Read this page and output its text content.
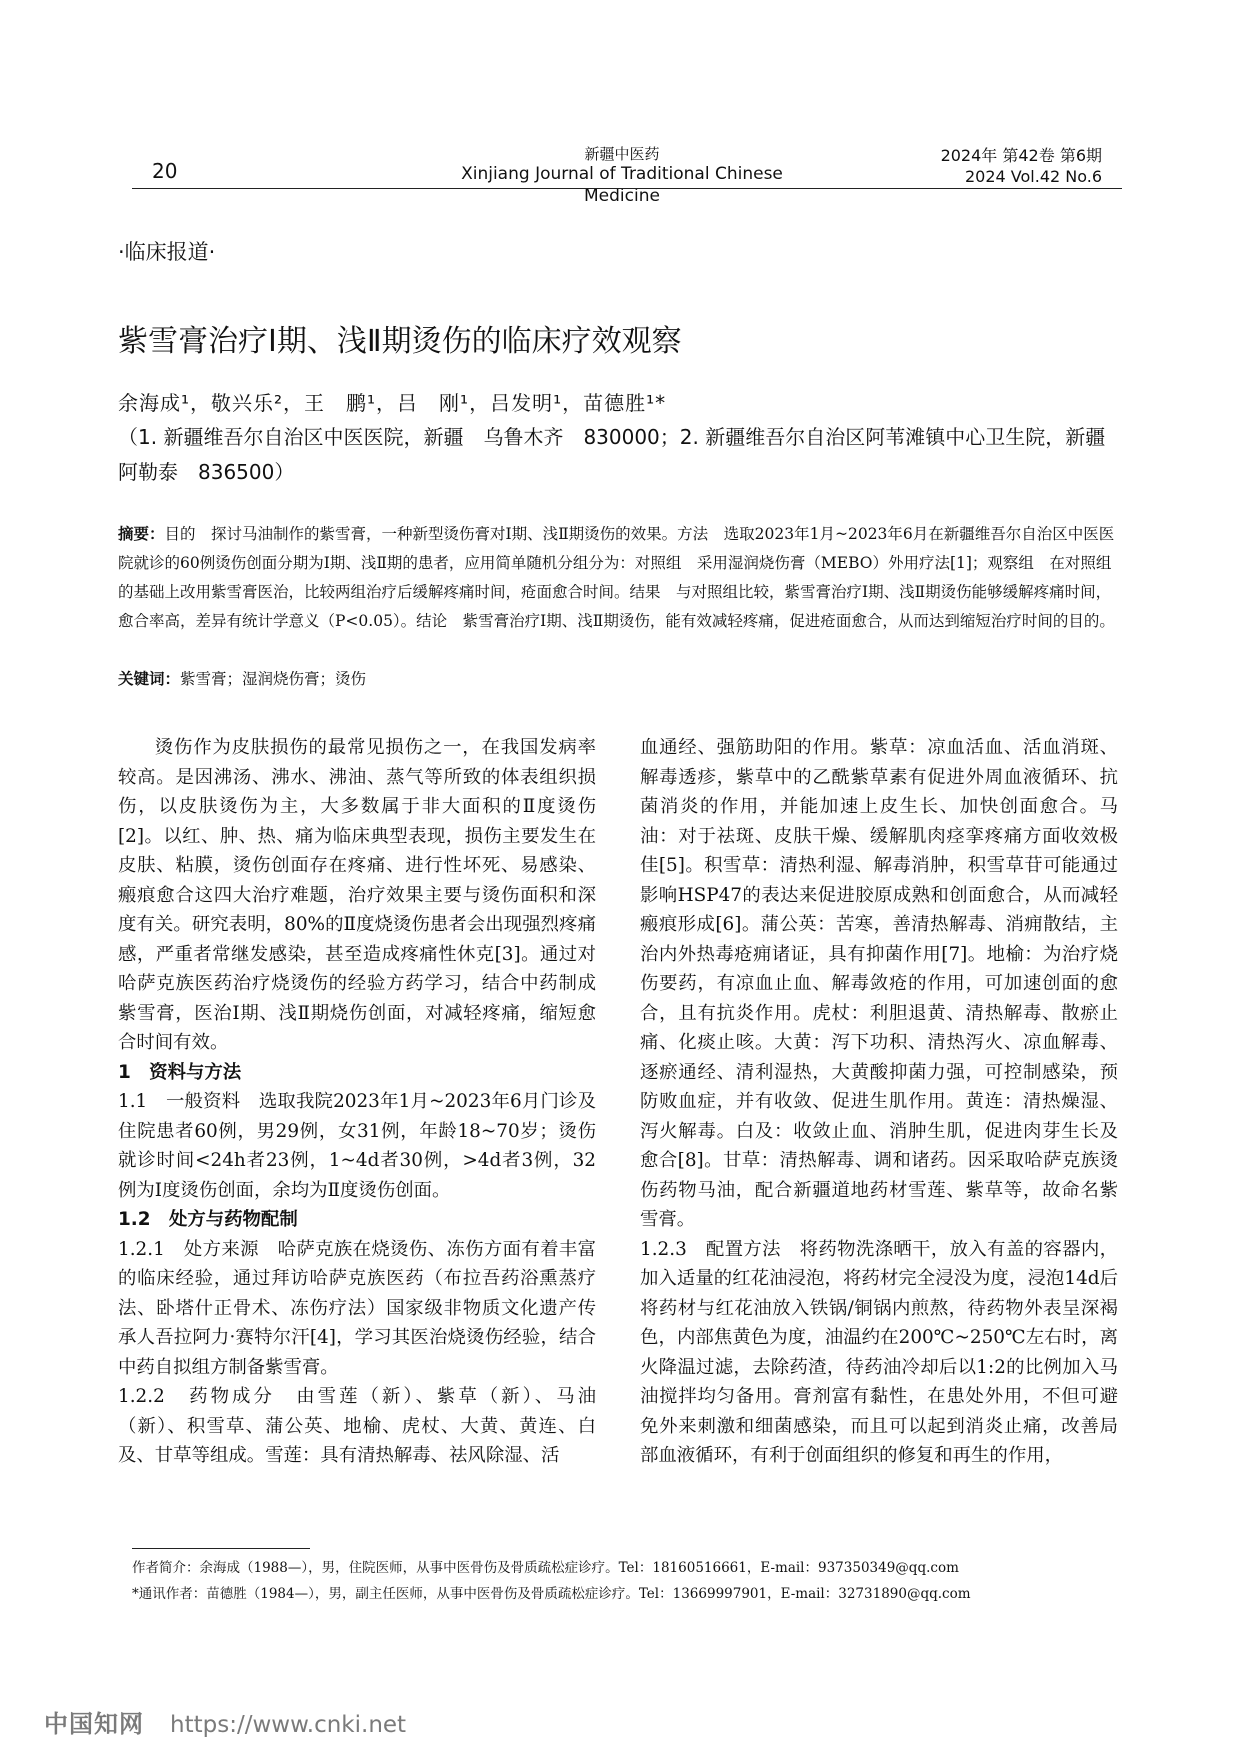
20
新疆中医药
Xinjiang Journal of Traditional Chinese Medicine
2024年 第42卷 第6期
2024 Vol.42 No.6
·临床报道·
紫雪膏治疗Ⅰ期、浅Ⅱ期烫伤的临床疗效观察
余海成¹，敬兴乐²，王　鹏¹，吕　刚¹，吕发明¹，苗德胜¹*
（1. 新疆维吾尔自治区中医医院，新疆　乌鲁木齐　830000；2. 新疆维吾尔自治区阿苇滩镇中心卫生院，新疆　阿勒泰　836500）
摘要：目的　探讨马油制作的紫雪膏，一种新型烫伤膏对Ⅰ期、浅Ⅱ期烫伤的效果。方法　选取2023年1月~2023年6月在新疆维吾尔自治区中医医院就诊的60例烫伤创面分期为Ⅰ期、浅Ⅱ期的患者，应用简单随机分组分为：对照组　采用湿润烧伤膏（MEBO）外用疗法[1]；观察组　在对照组的基础上改用紫雪膏医治，比较两组治疗后缓解疼痛时间，疮面愈合时间。结果　与对照组比较，紫雪膏治疗Ⅰ期、浅Ⅱ期烫伤能够缓解疼痛时间，愈合率高，差异有统计学意义（P<0.05）。结论　紫雪膏治疗Ⅰ期、浅Ⅱ期烫伤，能有效减轻疼痛，促进疮面愈合，从而达到缩短治疗时间的目的。
关键词：紫雪膏；湿润烧伤膏；烫伤

烫伤作为皮肤损伤的最常见损伤之一，在我国发病率较高。是因沸汤、沸水、沸油、蒸气等所致的体表组织损伤，以皮肤烫伤为主，大多数属于非大面积的Ⅱ度烫伤[2]。以红、肿、热、痛为临床典型表现，损伤主要发生在皮肤、粘膜，烫伤创面存在疼痛、进行性坏死、易感染、瘢痕愈合这四大治疗难题，治疗效果主要与烫伤面积和深度有关。研究表明，80%的Ⅱ度烧烫伤患者会出现强烈疼痛感，严重者常继发感染，甚至造成疼痛性休克[3]。通过对哈萨克族医药治疗烧烫伤的经验方药学习，结合中药制成紫雪膏，医治Ⅰ期、浅Ⅱ期烧伤创面，对减轻疼痛，缩短愈合时间有效。

1　资料与方法

1.1　一般资料　选取我院2023年1月~2023年6月门诊及住院患者60例，男29例，女31例，年龄18~70岁；烫伤就诊时间<24h者23例，1~4d者30例，>4d者3例，32例为Ⅰ度烫伤创面，余均为Ⅱ度烫伤创面。

1.2　处方与药物配制

1.2.1　处方来源　哈萨克族在烧烫伤、冻伤方面有着丰富的临床经验，通过拜访哈萨克族医药（布拉吾药浴熏蒸疗法、卧塔什正骨术、冻伤疗法）国家级非物质文化遗产传承人吾拉阿力·赛特尔汗[4]，学习其医治烧烫伤经验，结合中药自拟组方制备紫雪膏。

1.2.2　药物成分　由雪莲（新）、紫草（新）、马油（新）、积雪草、蒲公英、地榆、虎杖、大黄、黄连、白及、甘草等组成。雪莲：具有清热解毒、祛风除湿、活

血通经、强筋助阳的作用。紫草：凉血活血、活血消斑、解毒透疹，紫草中的乙酰紫草素有促进外周血液循环、抗菌消炎的作用，并能加速上皮生长、加快创面愈合。马油：对于祛斑、皮肤干燥、缓解肌肉痉挛疼痛方面收效极佳[5]。积雪草：清热利湿、解毒消肿，积雪草苷可能通过影响HSP47的表达来促进胶原成熟和创面愈合，从而减轻瘢痕形成[6]。蒲公英：苦寒，善清热解毒、消痈散结，主治内外热毒疮痈诸证，具有抑菌作用[7]。地榆：为治疗烧伤要药，有凉血止血、解毒敛疮的作用，可加速创面的愈合，且有抗炎作用。虎杖：利胆退黄、清热解毒、散瘀止痛、化痰止咳。大黄：泻下功积、清热泻火、凉血解毒、逐瘀通经、清利湿热，大黄酸抑菌力强，可控制感染，预防败血症，并有收敛、促进生肌作用。黄连：清热燥湿、泻火解毒。白及：收敛止血、消肿生肌，促进肉芽生长及愈合[8]。甘草：清热解毒、调和诸药。因采取哈萨克族烫伤药物马油，配合新疆道地药材雪莲、紫草等，故命名紫雪膏。

1.2.3　配置方法　将药物洗涤晒干，放入有盖的容器内，加入适量的红花油浸泡，将药材完全浸没为度，浸泡14d后将药材与红花油放入铁锅/铜锅内煎熬，待药物外表呈深褐色，内部焦黄色为度，油温约在200℃~250℃左右时，离火降温过滤，去除药渣，待药油冷却后以1:2的比例加入马油搅拌均匀备用。膏剂富有黏性，在患处外用，不但可避免外来刺激和细菌感染，而且可以起到消炎止痛，改善局部血液循环，有利于创面组织的修复和再生的作用，

作者简介：余海成（1988—），男，住院医师，从事中医骨伤及骨质疏松症诊疗。Tel：18160516661，E-mail：937350349@qq.com
*通讯作者：苗德胜（1984—），男，副主任医师，从事中医骨伤及骨质疏松症诊疗。Tel：13669997901，E-mail：32731890@qq.com
中国知网 https://www.cnki.net
